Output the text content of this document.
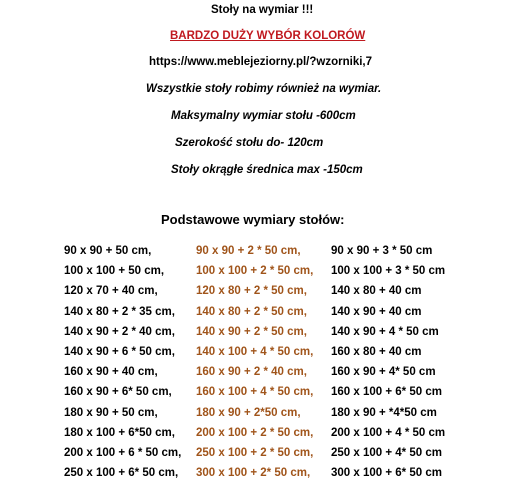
Stoły na wymiar !!!
BARDZO DUŻY WYBÓR KOLORÓW
https://www.meblejeziorny.pl/?wzorniki,7
Wszystkie stoły robimy również na wymiar.
Maksymalny wymiar stołu -600cm
Szerokość stołu do- 120cm
Stoły okrągłe średnica max -150cm
Podstawowe wymiary stołów:
90 x 90 + 50 cm,
100 x 100 + 50 cm,
120 x 70 + 40 cm,
140 x 80 + 2 * 35 cm,
140 x 90 + 2 * 40 cm,
140 x 90 + 6 * 50 cm,
160 x 90 + 40 cm,
160 x 90 + 6* 50 cm,
180 x 90 + 50 cm,
180 x 100 + 6*50 cm,
200 x 100 + 6 * 50 cm,
250 x 100 + 6* 50 cm,
90 x 90 + 2 * 50 cm,
100 x 100 + 2 * 50 cm,
120 x 80 + 2 * 50 cm,
140 x 80 + 2 * 50 cm,
140 x 90 + 2 * 50 cm,
140 x 100 + 4 * 50 cm,
160 x 90 + 2 * 40 cm,
160 x 100 + 4 * 50 cm,
180 x 90 + 2*50 cm,
200 x 100 + 2 * 50 cm,
250 x 100 + 2 * 50 cm,
300 x 100 + 2* 50 cm,
90 x 90 + 3 * 50 cm
100 x 100 + 3 * 50 cm
140 x 80 + 40 cm
140 x 90 + 40 cm
140 x 90 + 4 * 50 cm
160 x 80 + 40 cm
160 x 90 + 4* 50 cm
160 x 100 + 6* 50 cm
180 x 90 + *4*50 cm
200 x 100 + 4 * 50 cm
250 x 100 + 4* 50 cm
300 x 100 + 6* 50 cm
